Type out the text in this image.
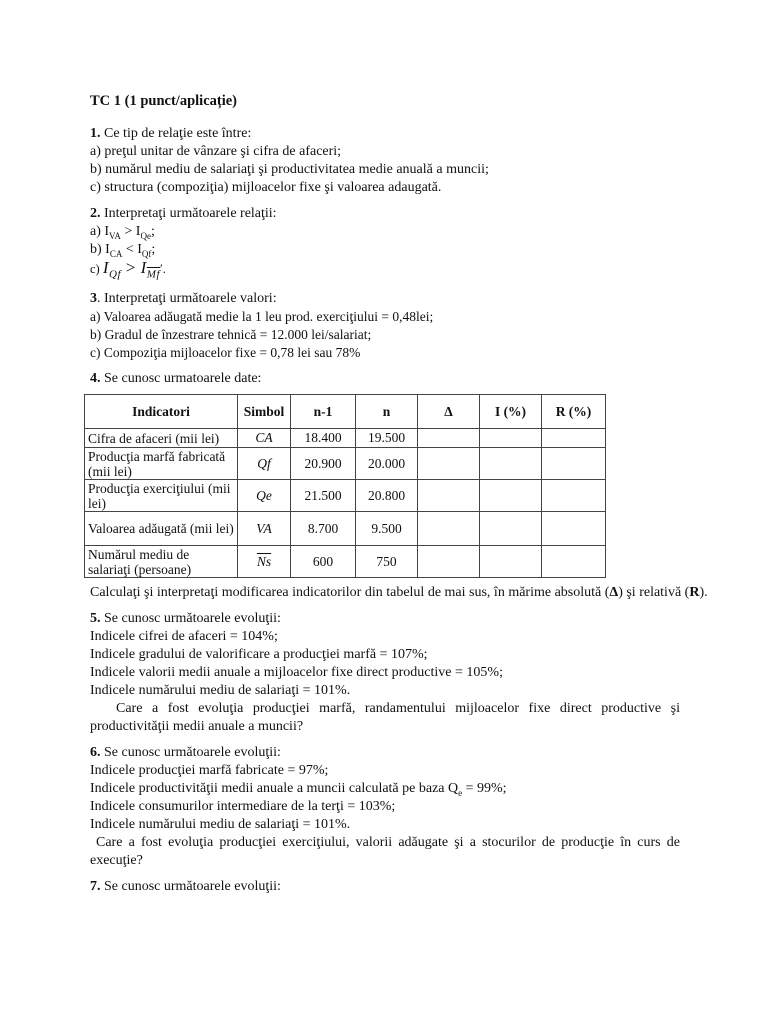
TC 1 (1 punct/aplicație)
1. Ce tip de relaţie este între:
a) preţul unitar de vânzare şi cifra de afaceri;
b) numărul mediu de salariaţi şi productivitatea medie anuală a muncii;
c) structura (compoziţia) mijloacelor fixe şi valoarea adaugată.
2. Interpretaţi următoarele relaţii:
a) $I_{VA} > I_{Qe}$;
b) $I_{CA} < I_{Qf}$;
c) $I_{Qf} > I_{\overline{Mf}}'$.
3. Interpretaţi următoarele valori:
a) Valoarea adăugată medie la 1 leu prod. exerciţiului = 0,48lei;
b) Gradul de înzestrare tehnică = 12.000 lei/salariat;
c) Compoziţia mijloacelor fixe = 0,78 lei sau 78%
4. Se cunosc urmatoarele date:
Indicatori	Simbol	n-1	n	Δ	I (%)	R (%)
Cifra de afaceri (mii lei)	CA	18.400	19.500			
Producţia marfă fabricată (mii lei)	Qf	20.900	20.000			
Producţia exerciţiului (mii lei)	Qe	21.500	20.800			
Valoarea adăugată (mii lei)	VA	8.700	9.500			
Numărul mediu de salariaţi (persoane)	$\overline{Ns}$	600	750			
Calculaţi şi interpretaţi modificarea indicatorilor din tabelul de mai sus, în mărime absolută (Δ) şi relativă (R).
5. Se cunosc următoarele evoluţii:
Indicele cifrei de afaceri = 104%;
Indicele gradului de valorificare a producţiei marfă = 107%;
Indicele valorii medii anuale a mijloacelor fixe direct productive = 105%;
Indicele numărului mediu de salariaţi = 101%.
Care a fost evoluţia producţiei marfă, randamentului mijloacelor fixe direct productive şi productivităţii medii anuale a muncii?
6. Se cunosc următoarele evoluţii:
Indicele producţiei marfă fabricate = 97%;
Indicele productivităţii medii anuale a muncii calculată pe baza $Q_e = 99\%$;
Indicele consumurilor intermediare de la terţi = 103%;
Indicele numărului mediu de salariaţi = 101%.
Care a fost evoluţia producţiei exerciţiului, valorii adăugate şi a stocurilor de producţie în curs de execuţie?
7. Se cunosc următoarele evoluţii:
